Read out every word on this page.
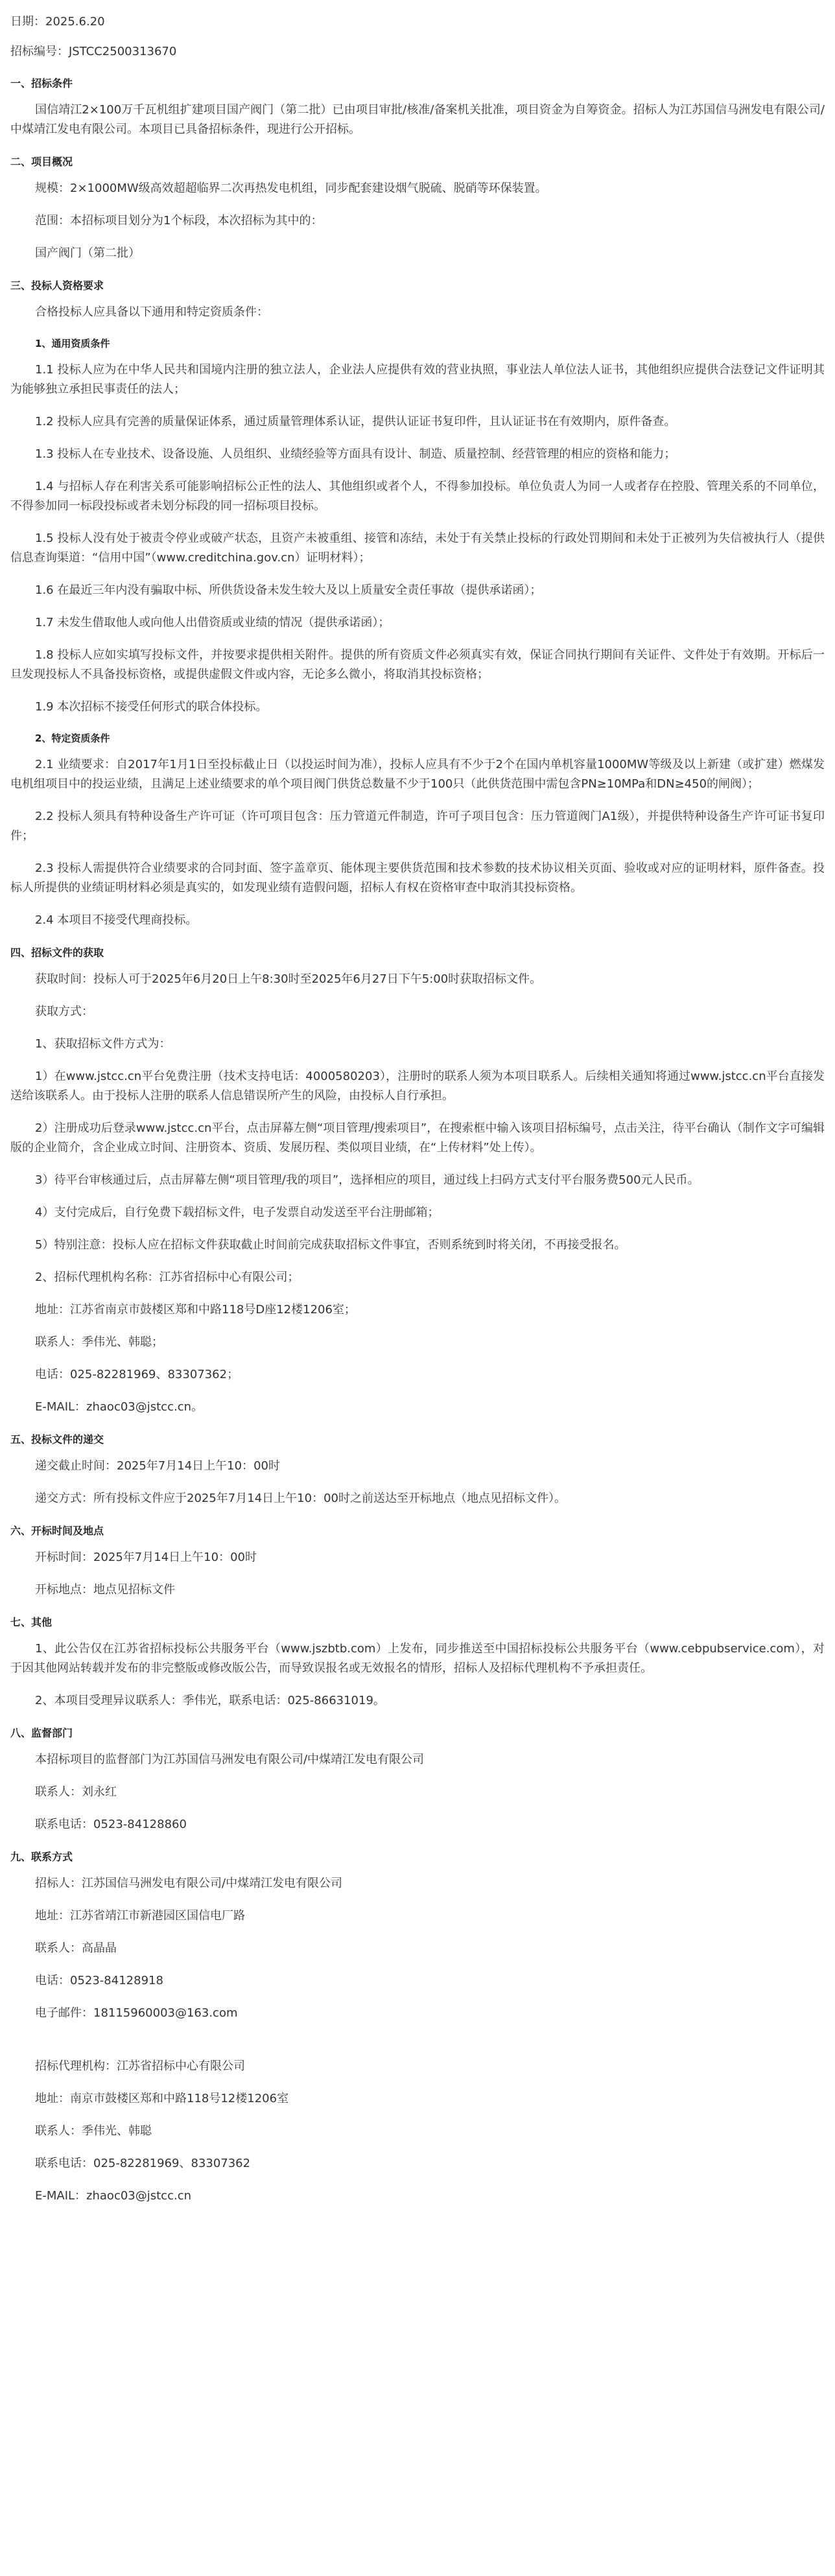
日期：2025.6.20
招标编号：JSTCC2500313670
一、招标条件

国信靖江2×100万千瓦机组扩建项目国产阀门（第二批）已由项目审批/核准/备案机关批准，项目资金为自筹资金。招标人为江苏国信马洲发电有限公司/中煤靖江发电有限公司。本项目已具备招标条件，现进行公开招标。

二、项目概况

规模：2×1000MW级高效超超临界二次再热发电机组，同步配套建设烟气脱硫、脱硝等环保装置。

范围：本招标项目划分为1个标段，本次招标为其中的：

国产阀门（第二批）

三、投标人资格要求

合格投标人应具备以下通用和特定资质条件：

1、通用资质条件

1.1 投标人应为在中华人民共和国境内注册的独立法人，企业法人应提供有效的营业执照，事业法人单位法人证书，其他组织应提供合法登记文件证明其为能够独立承担民事责任的法人；

1.2 投标人应具有完善的质量保证体系，通过质量管理体系认证，提供认证证书复印件，且认证证书在有效期内，原件备查。

1.3 投标人在专业技术、设备设施、人员组织、业绩经验等方面具有设计、制造、质量控制、经营管理的相应的资格和能力；

1.4 与招标人存在利害关系可能影响招标公正性的法人、其他组织或者个人，不得参加投标。单位负责人为同一人或者存在控股、管理关系的不同单位，不得参加同一标段投标或者未划分标段的同一招标项目投标。

1.5 投标人没有处于被责令停业或破产状态，且资产未被重组、接管和冻结，未处于有关禁止投标的行政处罚期间和未处于正被列为失信被执行人（提供信息查询渠道：“信用中国”（www.creditchina.gov.cn）证明材料）；

1.6 在最近三年内没有骗取中标、所供货设备未发生较大及以上质量安全责任事故（提供承诺函）；

1.7 未发生借取他人或向他人出借资质或业绩的情况（提供承诺函）；

1.8 投标人应如实填写投标文件，并按要求提供相关附件。提供的所有资质文件必须真实有效，保证合同执行期间有关证件、文件处于有效期。开标后一旦发现投标人不具备投标资格，或提供虚假文件或内容，无论多么微小，将取消其投标资格；

1.9 本次招标不接受任何形式的联合体投标。

2、特定资质条件

2.1 业绩要求：自2017年1月1日至投标截止日（以投运时间为准），投标人应具有不少于2个在国内单机容量1000MW等级及以上新建（或扩建）燃煤发电机组项目中的投运业绩，且满足上述业绩要求的单个项目阀门供货总数量不少于100只（此供货范围中需包含PN≥10MPa和DN≥450的闸阀）；

2.2 投标人须具有特种设备生产许可证（许可项目包含：压力管道元件制造，许可子项目包含：压力管道阀门A1级），并提供特种设备生产许可证书复印件；

2.3 投标人需提供符合业绩要求的合同封面、签字盖章页、能体现主要供货范围和技术参数的技术协议相关页面、验收或对应的证明材料，原件备查。投标人所提供的业绩证明材料必须是真实的，如发现业绩有造假问题，招标人有权在资格审查中取消其投标资格。

2.4 本项目不接受代理商投标。

四、招标文件的获取

获取时间：投标人可于2025年6月20日上午8:30时至2025年6月27日下午5:00时获取招标文件。

获取方式：

1、获取招标文件方式为：

1）在www.jstcc.cn平台免费注册（技术支持电话：4000580203），注册时的联系人须为本项目联系人。后续相关通知将通过www.jstcc.cn平台直接发送给该联系人。由于投标人注册的联系人信息错误所产生的风险，由投标人自行承担。

2）注册成功后登录www.jstcc.cn平台，点击屏幕左侧“项目管理/搜索项目”，在搜索框中输入该项目招标编号，点击关注，待平台确认（制作文字可编辑版的企业简介，含企业成立时间、注册资本、资质、发展历程、类似项目业绩，在“上传材料”处上传）。

3）待平台审核通过后，点击屏幕左侧“项目管理/我的项目”，选择相应的项目，通过线上扫码方式支付平台服务费500元人民币。

4）支付完成后，自行免费下载招标文件，电子发票自动发送至平台注册邮箱；

5）特别注意：投标人应在招标文件获取截止时间前完成获取招标文件事宜，否则系统到时将关闭，不再接受报名。

2、招标代理机构名称：江苏省招标中心有限公司；

地址：江苏省南京市鼓楼区郑和中路118号D座12楼1206室；

联系人：季伟光、韩聪；

电话：025-82281969、83307362；

E-MAIL：zhaoc03@jstcc.cn。

五、投标文件的递交

递交截止时间：2025年7月14日上午10：00时

递交方式：所有投标文件应于2025年7月14日上午10：00时之前送达至开标地点（地点见招标文件）。

六、开标时间及地点

开标时间：2025年7月14日上午10：00时

开标地点：地点见招标文件

七、其他

1、此公告仅在江苏省招标投标公共服务平台（www.jszbtb.com）上发布，同步推送至中国招标投标公共服务平台（www.cebpubservice.com），对于因其他网站转载并发布的非完整版或修改版公告，而导致误报名或无效报名的情形，招标人及招标代理机构不予承担责任。

2、本项目受理异议联系人：季伟光，联系电话：025-86631019。

八、监督部门

本招标项目的监督部门为江苏国信马洲发电有限公司/中煤靖江发电有限公司

联系人：刘永红

联系电话：0523-84128860

九、联系方式

招标人：江苏国信马洲发电有限公司/中煤靖江发电有限公司

地址：江苏省靖江市新港园区国信电厂路

联系人：高晶晶

电话：0523-84128918

电子邮件：18115960003@163.com

招标代理机构：江苏省招标中心有限公司

地址：南京市鼓楼区郑和中路118号12楼1206室

联系人：季伟光、韩聪

联系电话：025-82281969、83307362

E-MAIL：zhaoc03@jstcc.cn
